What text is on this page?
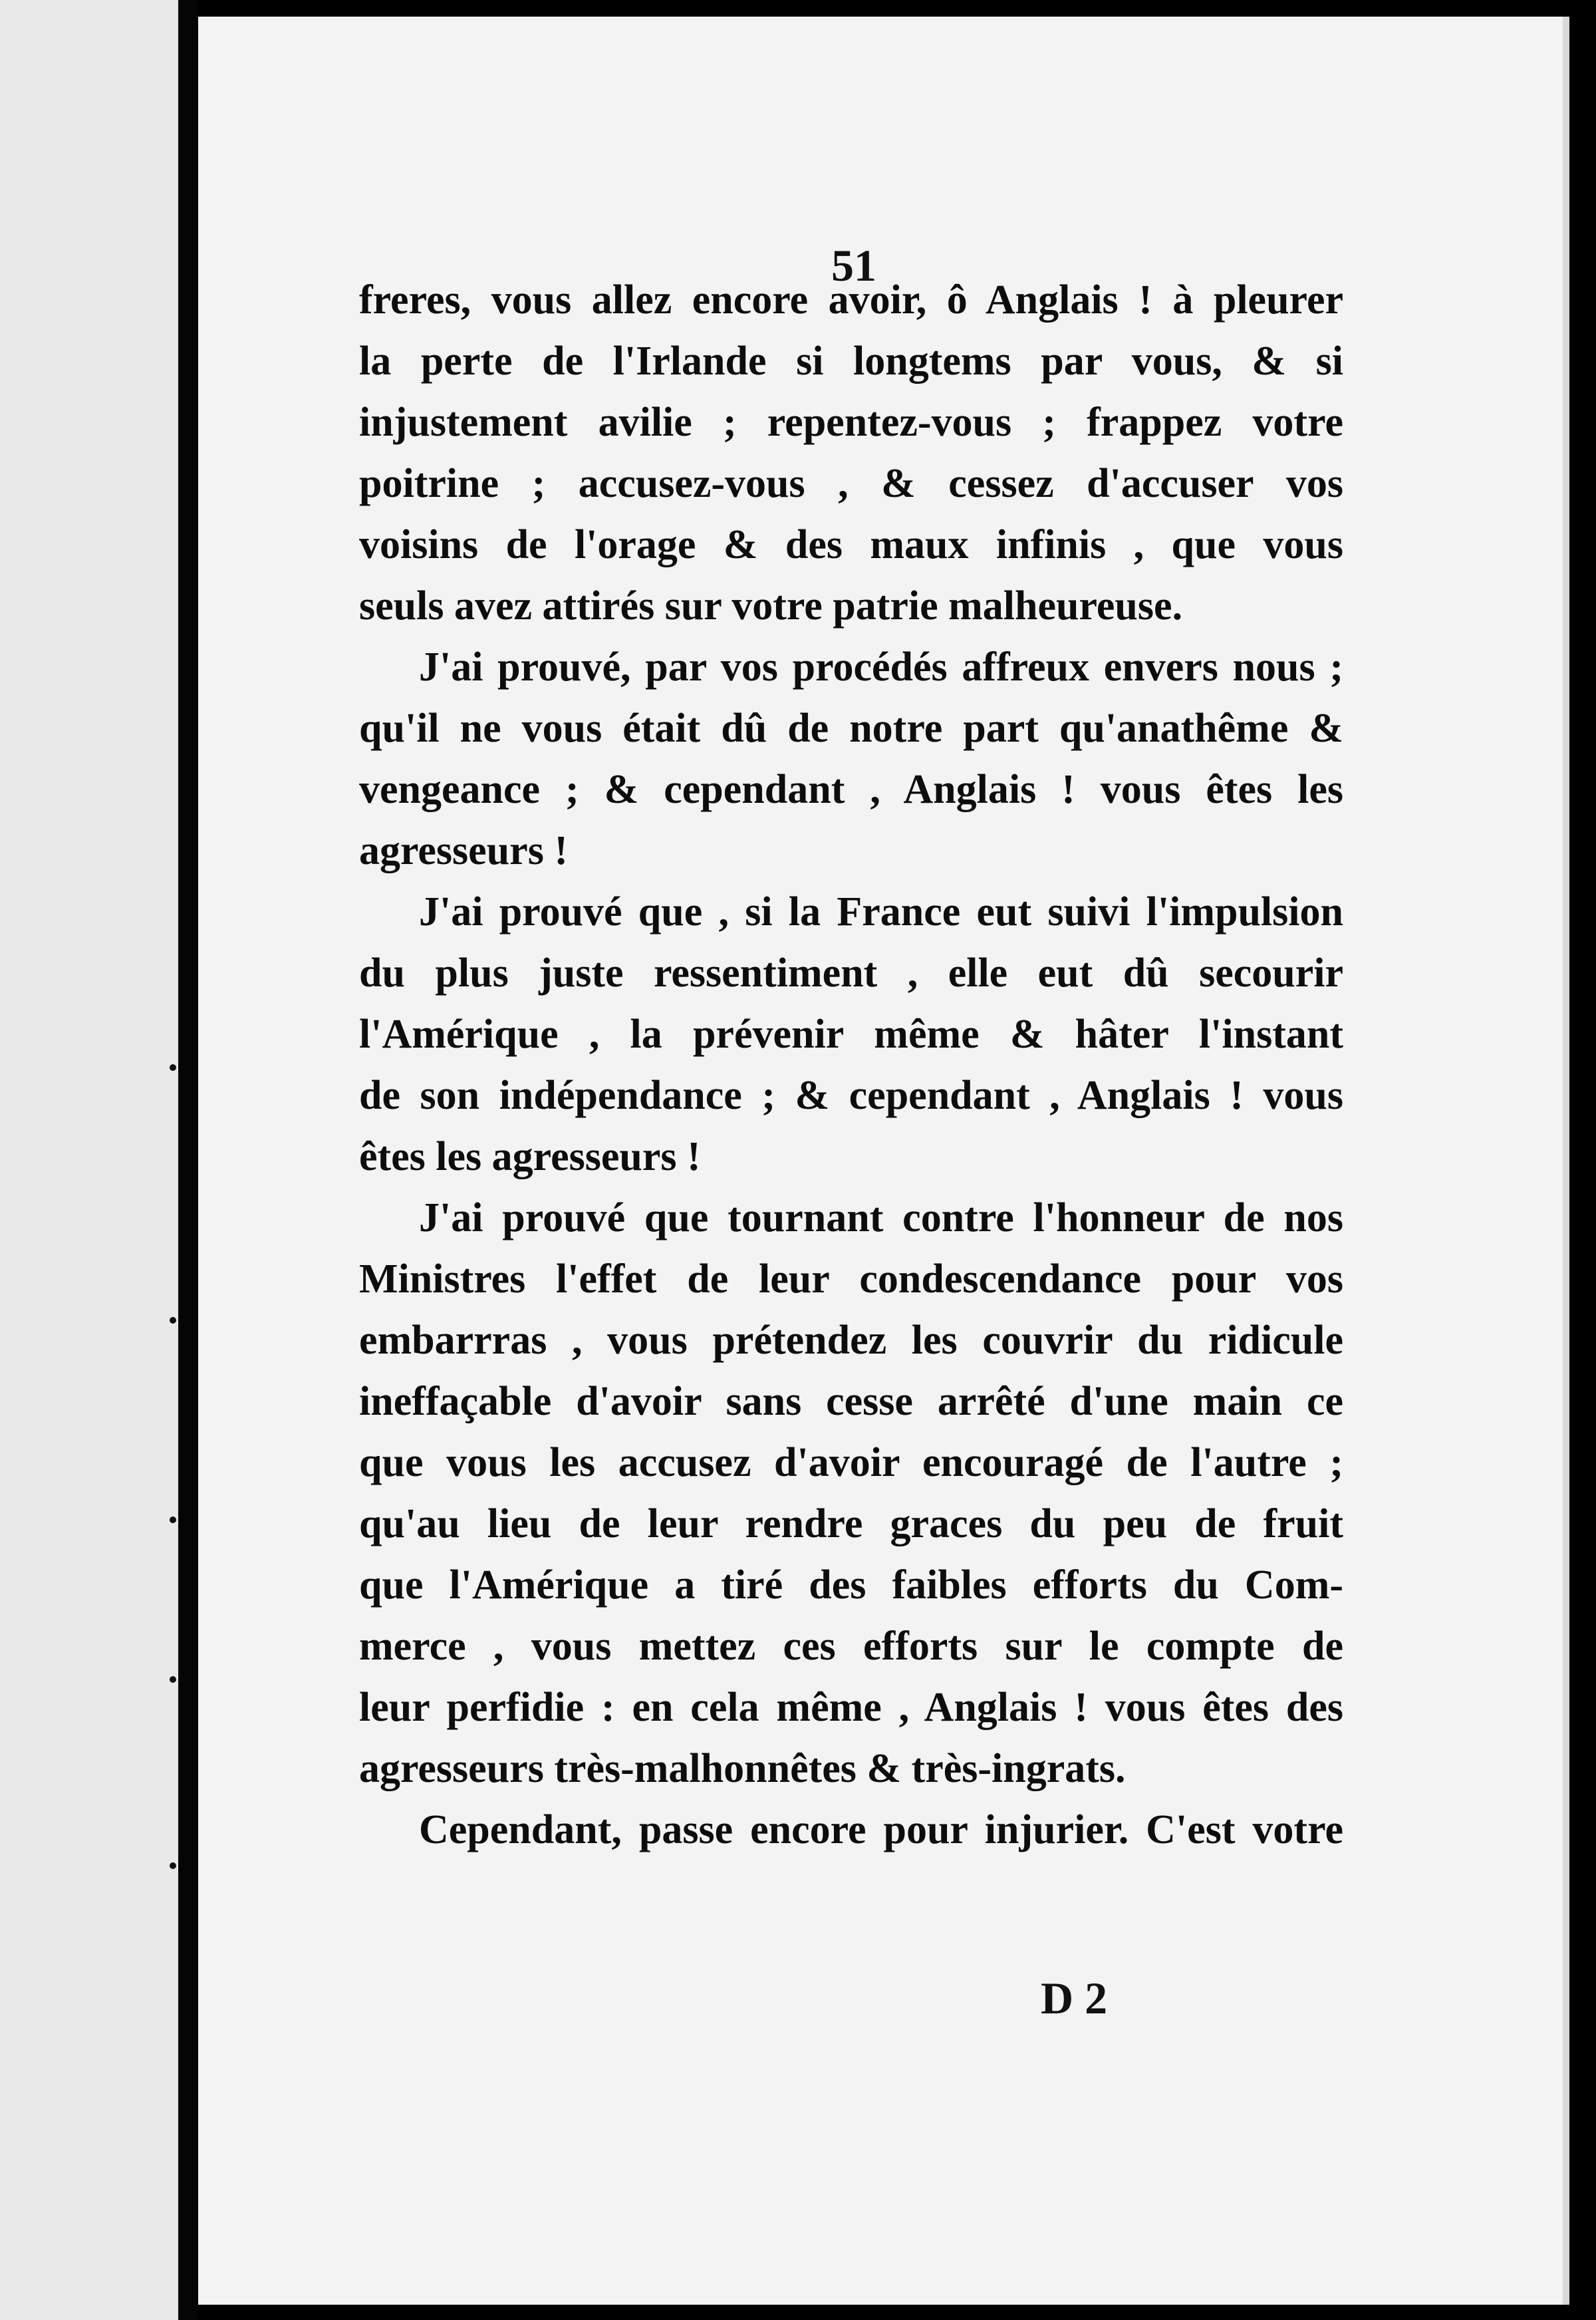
51

freres, vous allez encore avoir, ô Anglais ! à pleurer
la perte de l'Irlande si longtems par vous, & si
injustement avilie ; repentez-vous ; frappez votre
poitrine ; accusez-vous , & cessez d'accuser vos
voisins de l'orage & des maux infinis , que vous
seuls avez attirés sur votre patrie malheureuse.

J'ai prouvé, par vos procédés affreux envers nous ;
qu'il ne vous était dû de notre part qu'anathême &
vengeance ; & cependant , Anglais ! vous êtes les
agresseurs !

J'ai prouvé que , si la France eut suivi l'impulsion
du plus juste ressentiment , elle eut dû secourir
l'Amérique , la prévenir même & hâter l'instant
de son indépendance ; & cependant , Anglais ! vous
êtes les agresseurs !

J'ai prouvé que tournant contre l'honneur de nos
Ministres l'effet de leur condescendance pour vos
embarrras , vous prétendez les couvrir du ridicule
ineffaçable d'avoir sans cesse arrêté d'une main ce
que vous les accusez d'avoir encouragé de l'autre ;
qu'au lieu de leur rendre graces du peu de fruit
que l'Amérique a tiré des faibles efforts du Com-
merce , vous mettez ces efforts sur le compte de
leur perfidie : en cela même , Anglais ! vous êtes des
agresseurs très-malhonnêtes & très-ingrats.

Cependant, passe encore pour injurier. C'est votre

D 2
